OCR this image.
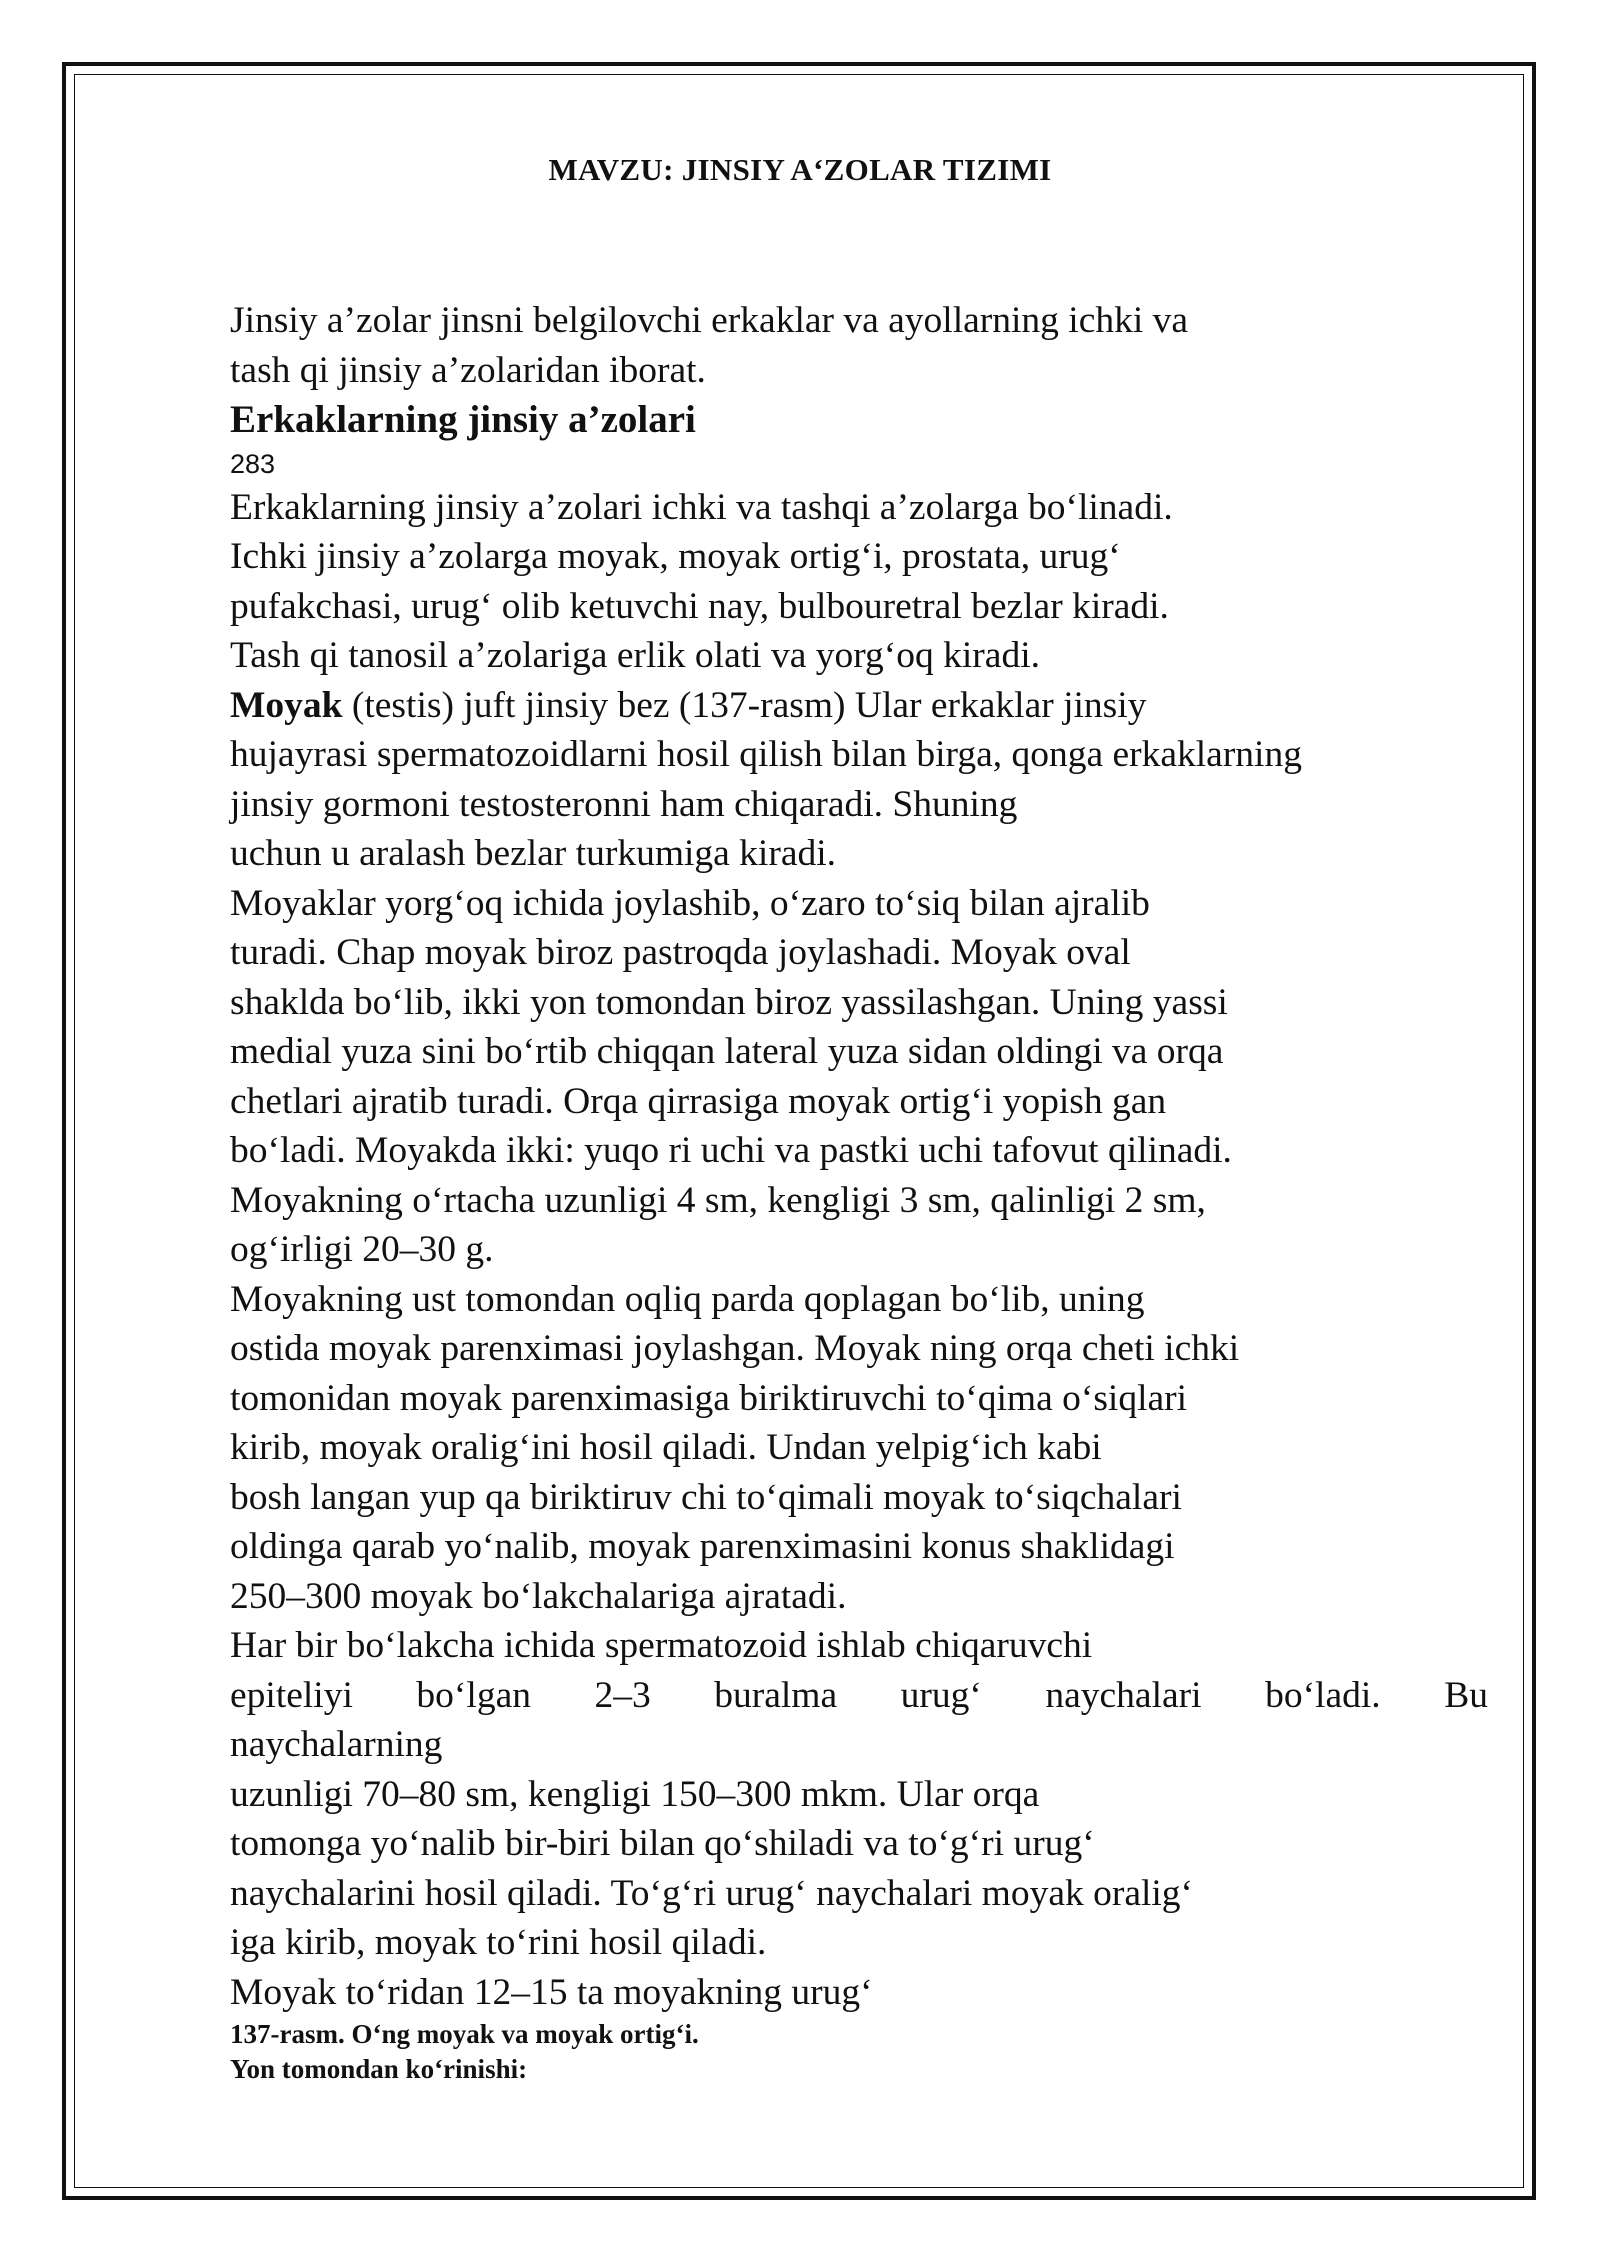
MAVZU: JINSIY A‘ZOLAR TIZIMI

Jinsiy a’zolar jinsni belgilovchi erkaklar va ayollarning ichki va

tash qi jinsiy a’zolaridan iborat.

Erkaklarning jinsiy a’zolari

283

Erkaklarning jinsiy a’zolari ichki va tashqi a’zolarga bo‘linadi.

Ichki jinsiy a’zolarga moyak, moyak ortig‘i, prostata, urug‘

pufakchasi, urug‘ olib ketuvchi nay, bulbouretral bezlar kiradi.

Tash qi tanosil a’zolariga erlik olati va yorg‘oq kiradi.

Moyak (testis) juft jinsiy bez (137-rasm) Ular erkaklar jinsiy

hujayrasi spermatozoidlarni hosil qilish bilan birga, qonga erkaklarning

jinsiy gormoni testosteronni ham chiqaradi. Shuning

uchun u aralash bezlar turkumiga kiradi.

Moyaklar yorg‘oq ichida joylashib, o‘zaro to‘siq bilan ajralib

turadi. Chap moyak biroz pastroqda joylashadi. Moyak oval

shaklda bo‘lib, ikki yon tomondan biroz yassilashgan. Uning yassi

medial yuza sini bo‘rtib chiqqan lateral yuza sidan oldingi va orqa

chetlari ajratib turadi. Orqa qirrasiga moyak ortig‘i yopish gan

bo‘ladi. Moyakda ikki: yuqo ri uchi va pastki uchi tafovut qilinadi.

Moyakning o‘rtacha uzunligi 4 sm, kengligi 3 sm, qalinligi 2 sm,

og‘irligi 20–30 g.

Moyakning ust tomondan oqliq parda qoplagan bo‘lib, uning

ostida moyak parenximasi joylashgan. Moyak ning orqa cheti ichki

tomonidan moyak parenximasiga biriktiruvchi to‘qima o‘siqlari

kirib, moyak oralig‘ini hosil qiladi. Undan yelpig‘ich kabi

bosh langan yup qa biriktiruv chi to‘qimali moyak to‘siqchalari

oldinga qarab yo‘nalib, moyak parenximasini konus shaklidagi

250–300 moyak bo‘lakchalariga ajratadi.

Har bir bo‘lakcha ichida spermatozoid ishlab chiqaruvchi

epiteliyi bo‘lgan 2–3 buralma urug‘ naychalari bo‘ladi. Bu

naychalarning

uzunligi 70–80 sm, kengligi 150–300 mkm. Ular orqa

tomonga yo‘nalib bir-biri bilan qo‘shiladi va to‘g‘ri urug‘

naychalarini hosil qiladi. To‘g‘ri urug‘ naychalari moyak oralig‘

iga kirib, moyak to‘rini hosil qiladi.

Moyak to‘ridan 12–15 ta moyakning urug‘

137-rasm. O‘ng moyak va moyak ortig‘i.

Yon tomondan ko‘rinishi:
